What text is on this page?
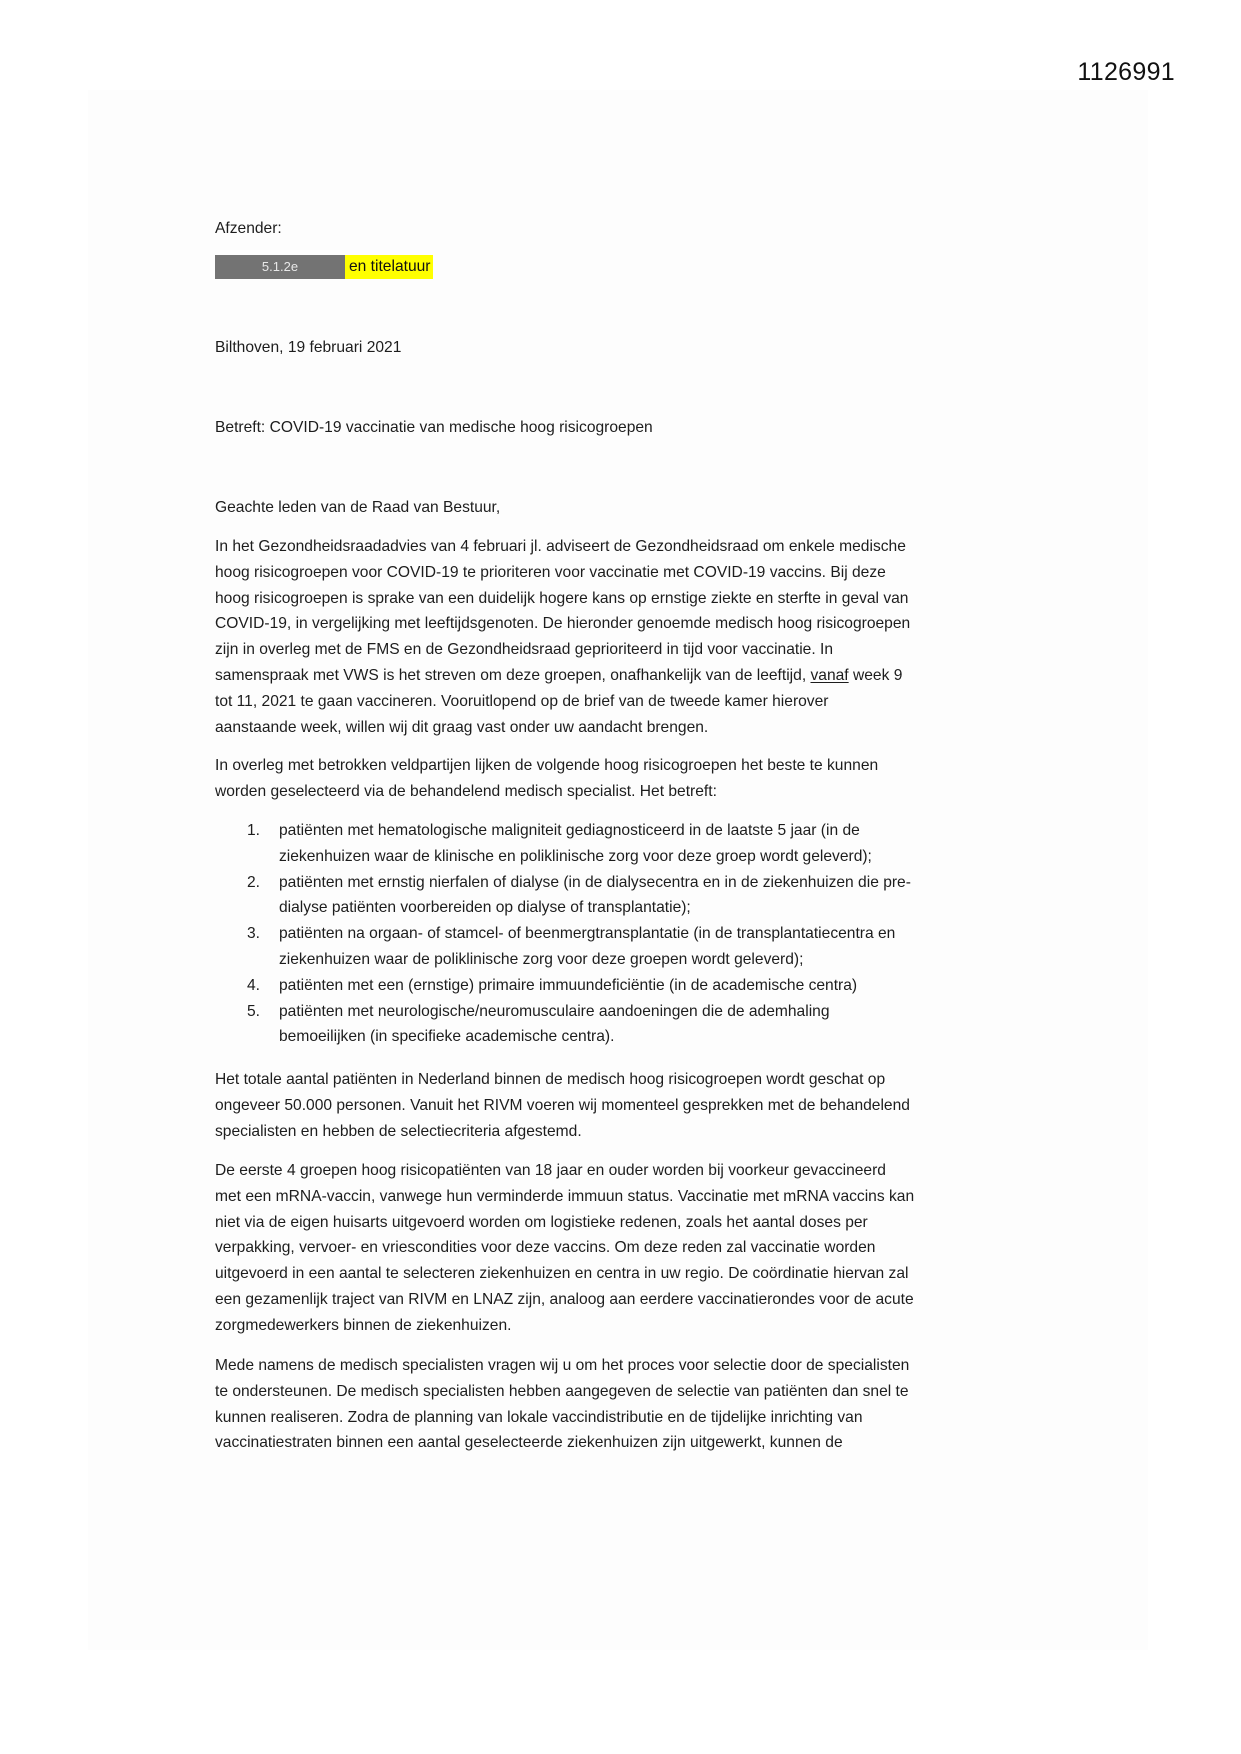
1126991
Afzender:
5.1.2e	en titelatuur
Bilthoven, 19 februari 2021
Betreft: COVID-19 vaccinatie van medische hoog risicogroepen
Geachte leden van de Raad van Bestuur,
In het Gezondheidsraadadvies van 4 februari jl. adviseert de Gezondheidsraad om enkele medische
hoog risicogroepen voor COVID-19 te prioriteren voor vaccinatie met COVID-19 vaccins. Bij deze
hoog risicogroepen is sprake van een duidelijk hogere kans op ernstige ziekte en sterfte in geval van
COVID-19, in vergelijking met leeftijdsgenoten. De hieronder genoemde medisch hoog risicogroepen
zijn in overleg met de FMS en de Gezondheidsraad geprioriteerd in tijd voor vaccinatie. In
samenspraak met VWS is het streven om deze groepen, onafhankelijk van de leeftijd, vanaf week 9
tot 11, 2021 te gaan vaccineren. Vooruitlopend op de brief van de tweede kamer hierover
aanstaande week, willen wij dit graag vast onder uw aandacht brengen.
In overleg met betrokken veldpartijen lijken de volgende hoog risicogroepen het beste te kunnen
worden geselecteerd via de behandelend medisch specialist. Het betreft:
1.	patiënten met hematologische maligniteit gediagnosticeerd in de laatste 5 jaar (in de
ziekenhuizen waar de klinische en poliklinische zorg voor deze groep wordt geleverd);
2.	patiënten met ernstig nierfalen of dialyse (in de dialysecentra en in de ziekenhuizen die pre-
dialyse patiënten voorbereiden op dialyse of transplantatie);
3.	patiënten na orgaan- of stamcel- of beenmergtransplantatie (in de transplantatiecentra en
ziekenhuizen waar de poliklinische zorg voor deze groepen wordt geleverd);
4.	patiënten met een (ernstige) primaire immuundeficiëntie (in de academische centra)
5.	patiënten met neurologische/neuromusculaire aandoeningen die de ademhaling
bemoeilijken (in specifieke academische centra).
Het totale aantal patiënten in Nederland binnen de medisch hoog risicogroepen wordt geschat op
ongeveer 50.000 personen. Vanuit het RIVM voeren wij momenteel gesprekken met de behandelend
specialisten en hebben de selectiecriteria afgestemd.
De eerste 4 groepen hoog risicopatiënten van 18 jaar en ouder worden bij voorkeur gevaccineerd
met een mRNA-vaccin, vanwege hun verminderde immuun status. Vaccinatie met mRNA vaccins kan
niet via de eigen huisarts uitgevoerd worden om logistieke redenen, zoals het aantal doses per
verpakking, vervoer- en vriescondities voor deze vaccins. Om deze reden zal vaccinatie worden
uitgevoerd in een aantal te selecteren ziekenhuizen en centra in uw regio. De coördinatie hiervan zal
een gezamenlijk traject van RIVM en LNAZ zijn, analoog aan eerdere vaccinatierondes voor de acute
zorgmedewerkers binnen de ziekenhuizen.
Mede namens de medisch specialisten vragen wij u om het proces voor selectie door de specialisten
te ondersteunen. De medisch specialisten hebben aangegeven de selectie van patiënten dan snel te
kunnen realiseren. Zodra de planning van lokale vaccindistributie en de tijdelijke inrichting van
vaccinatiestraten binnen een aantal geselecteerde ziekenhuizen zijn uitgewerkt, kunnen de
